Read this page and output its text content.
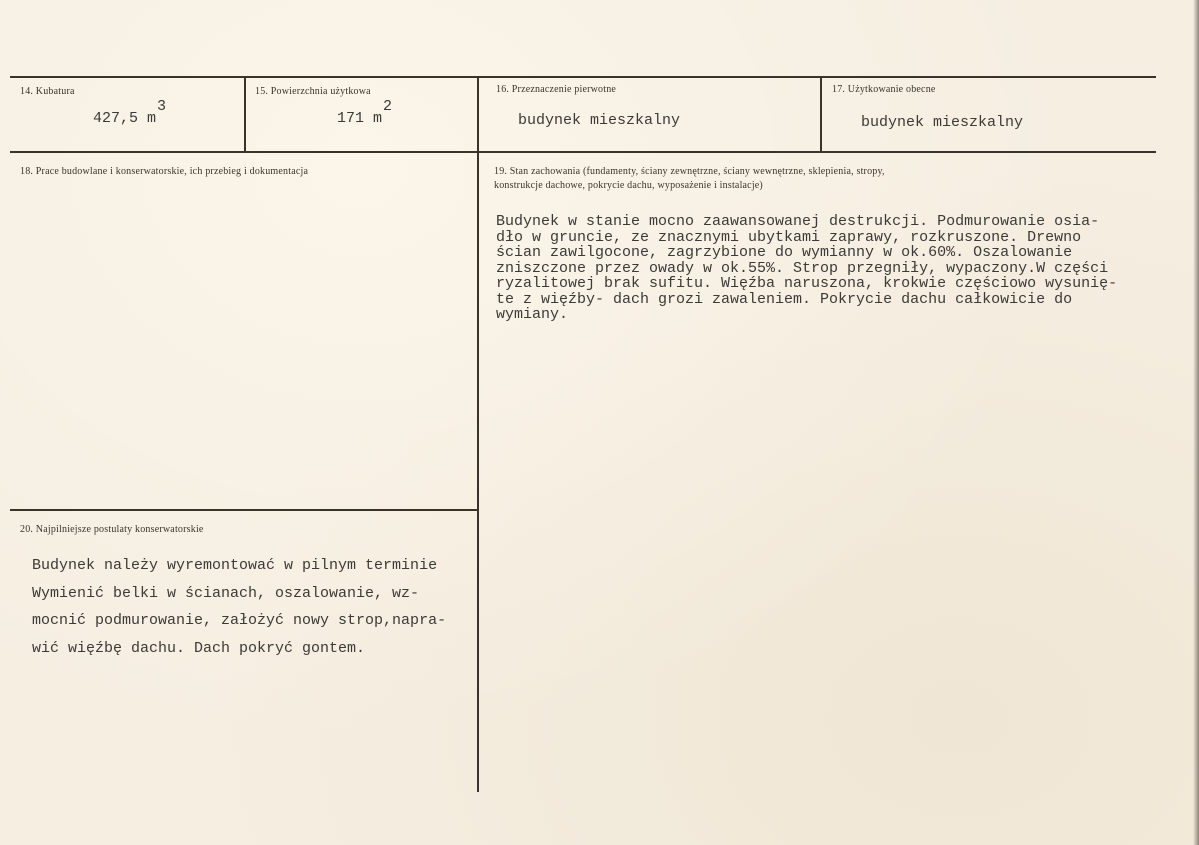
14. Kubatura
427,5 m3
15. Powierzchnia użytkowa
171 m2
16. Przeznaczenie pierwotne
budynek mieszkalny
17. Użytkowanie obecne
budynek mieszkalny
18. Prace budowlane i konserwatorskie, ich przebieg i dokumentacja	19. Stan zachowania (fundamenty, ściany zewnętrzne, ściany wewnętrzne, sklepienia, stropy,
konstrukcje dachowe, pokrycie dachu, wyposażenie i instalacje)
Budynek w stanie mocno zaawansowanej destrukcji. Podmurowanie osia-
dło w gruncie, ze znacznymi ubytkami zaprawy, rozkruszone. Drewno
ścian zawilgocone, zagrzybione do wymianny w ok.60%. Oszalowanie
zniszczone przez owady w ok.55%. Strop przegniły, wypaczony.W części
ryzalitowej brak sufitu. Więźba naruszona, krokwie częściowo wysunię-
te z więźby- dach grozi zawaleniem. Pokrycie dachu całkowicie do
wymiany.
20. Najpilniejsze postulaty konserwatorskie
Budynek należy wyremontować w pilnym terminie
Wymienić belki w ścianach, oszalowanie, wz-
mocnić podmurowanie, założyć nowy strop,napra-
wić więźbę dachu. Dach pokryć gontem.
